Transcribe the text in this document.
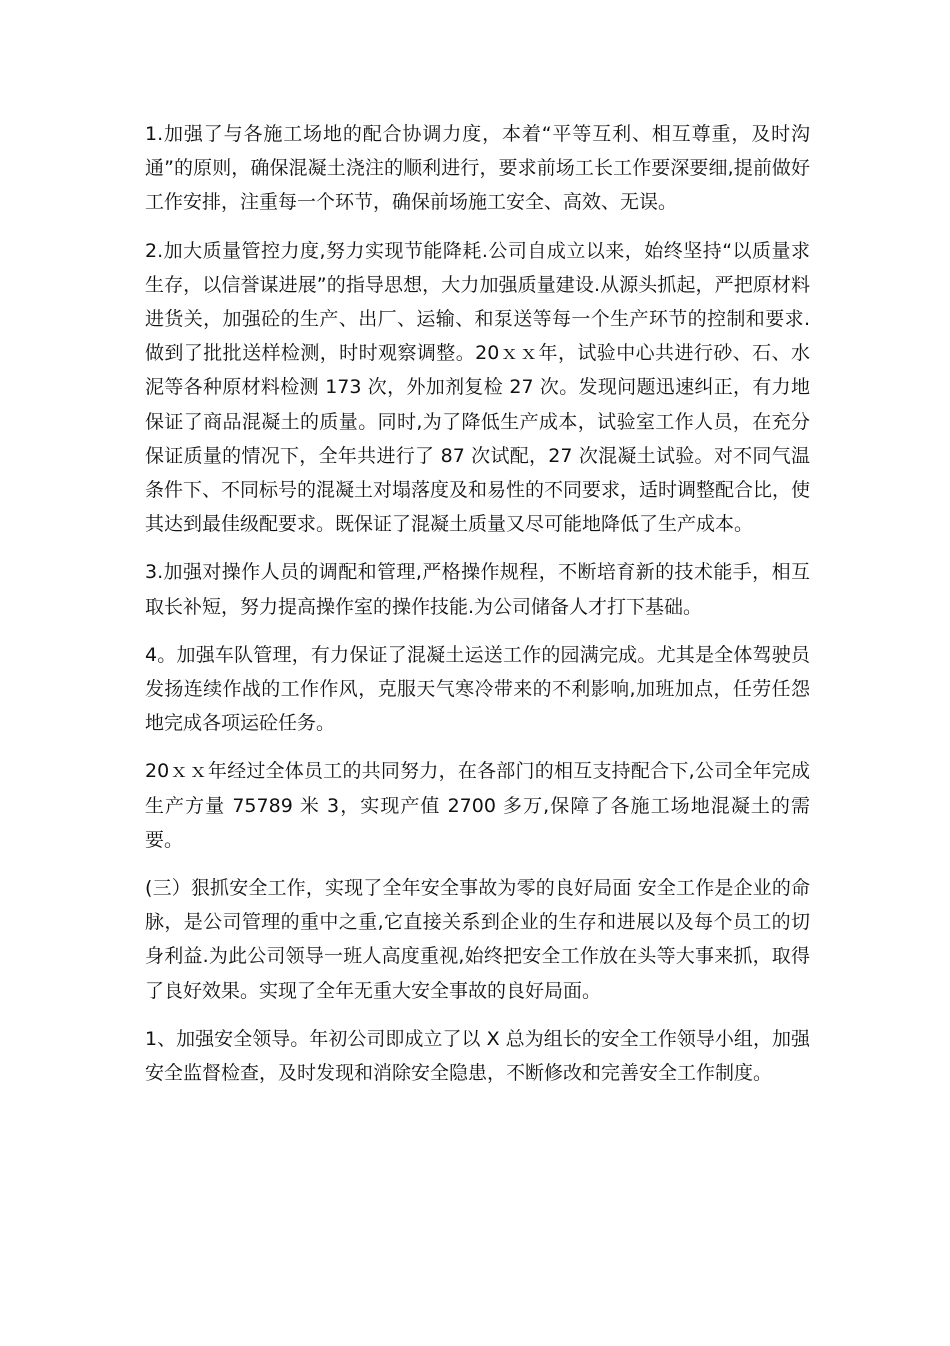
1.加强了与各施工场地的配合协调力度，本着“平等互利、相互尊重，及时沟通”的原则，确保混凝土浇注的顺利进行，要求前场工长工作要深要细,提前做好工作安排，注重每一个环节，确保前场施工安全、高效、无误。

2.加大质量管控力度,努力实现节能降耗.公司自成立以来，始终坚持“以质量求生存，以信誉谋进展”的指导思想，大力加强质量建设.从源头抓起，严把原材料进货关，加强砼的生产、出厂、运输、和泵送等每一个生产环节的控制和要求.做到了批批送样检测，时时观察调整。20ｘｘ年，试验中心共进行砂、石、水泥等各种原材料检测 173 次，外加剂复检 27 次。发现问题迅速纠正，有力地保证了商品混凝土的质量。同时,为了降低生产成本，试验室工作人员，在充分保证质量的情况下，全年共进行了 87 次试配，27 次混凝土试验。对不同气温条件下、不同标号的混凝土对塌落度及和易性的不同要求，适时调整配合比，使其达到最佳级配要求。既保证了混凝土质量又尽可能地降低了生产成本。

3.加强对操作人员的调配和管理,严格操作规程，不断培育新的技术能手，相互取长补短，努力提高操作室的操作技能.为公司储备人才打下基础。

4。加强车队管理，有力保证了混凝土运送工作的园满完成。尤其是全体驾驶员发扬连续作战的工作作风，克服天气寒冷带来的不利影响,加班加点，任劳任怨地完成各项运砼任务。

20ｘｘ年经过全体员工的共同努力，在各部门的相互支持配合下,公司全年完成生产方量 75789 米 3，实现产值 2700 多万,保障了各施工场地混凝土的需要。

(三）狠抓安全工作，实现了全年安全事故为零的良好局面 安全工作是企业的命脉，是公司管理的重中之重,它直接关系到企业的生存和进展以及每个员工的切身利益.为此公司领导一班人高度重视,始终把安全工作放在头等大事来抓，取得了良好效果。实现了全年无重大安全事故的良好局面。

1、加强安全领导。年初公司即成立了以 X 总为组长的安全工作领导小组，加强安全监督检查，及时发现和消除安全隐患，不断修改和完善安全工作制度。
